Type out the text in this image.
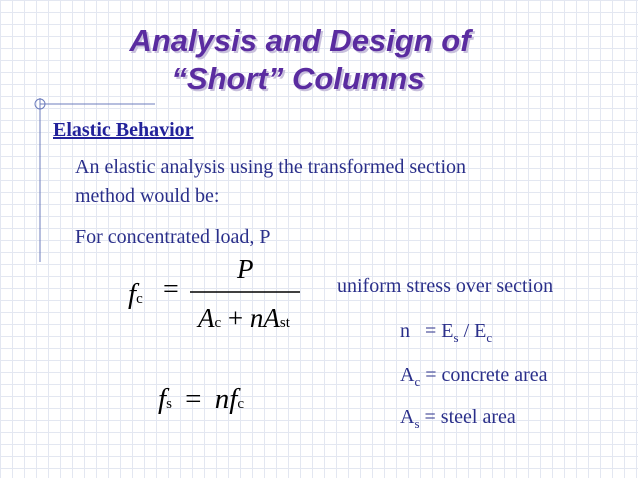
Analysis and Design of
“Short” Columns
Elastic Behavior
An elastic analysis using the transformed section
method would be:
For concentrated load, P
fc =
P
Ac + nAst
fs = nfc
uniform stress over section
$n = E_s / E_c$
$A_c$ = concrete area
$A_s$ = steel area
